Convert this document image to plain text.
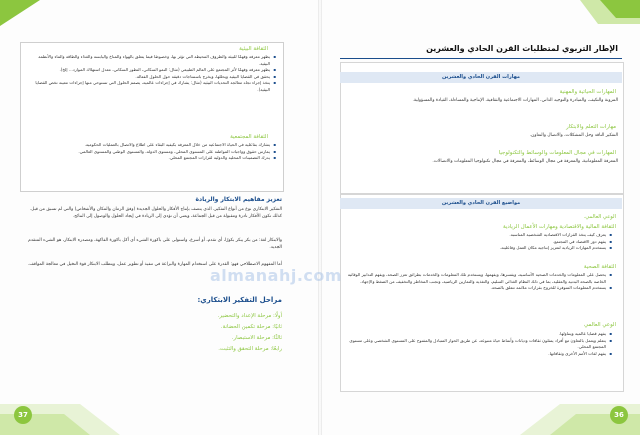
الإطار التربوي لمتطلبات القرن الحادي والعشرين
مهارات القرن الحادي والعشرين
المهارات الحياتية والمهنية
المرونة والتكيف، والمبادرة والتوجيه الذاتي، المهارات الاجتماعية والثقافية، الإنتاجية والمساءلة، القيادة والمسؤولية.
مهارات التعلم والابتكار
التفكير الناقد وحل المشكلات، والاتصال والتعاون.
المهارات في مجال المعلومات والوسائط والتكنولوجيا
المعرفة المعلوماتية، والمعرفة في مجال الوسائط، والمعرفة في مجال تكنولوجيا المعلومات والاتصالات.
مواضيع القرن الحادي والعشرين
الوعي العالمي.
الثقافة المالية والاقتصادية ومهارات الأعمال الريادية
▪ يعرف كيف يتخذ القرارات الاقتصادية الشخصية المناسبة.
▪ يفهم دور الاقتصاد في المجتمع.
▪ يستخدم المهارات الريادية لتعزيز إنتاجية مكان العمل وفاعليته.
الثقافة الصحية
▪ يحصل على المعلومات والخدمات الصحية الأساسية، ويفسرها، ويفهمها، ويستخدم تلك المعلومات والخدمات بطرائق تعزز الصحة، ويفهم التدابير الوقائية الخاصة بالصحة البدنية والعقلية، بما في ذلك النظام الغذائي السليم، والتغذية والتمارين الرياضية، وتجنب المخاطر والتخفيف من الضغط والإجهاد.
▪ يستخدم المعلومات المتوفرة للخروج بقرارات ملائمة تتعلق بالصحة.
الوعي العالمي
▪ يفهم قضايا عالمية ويتناولها.
▪ يتعلم ويعمل بالتعاون مع أفراد يمثلون ثقافات وديانات وأنماط حياة متنوعة، عن طريق الحوار المتبادل والمفتوح على المستوى الشخصي وعلى مستوى المجتمع المحلي.
▪ يفهم لغات الأمم الأخرى وثقافاتها.
36
الثقافة البيئية
▪ يظهر معرفة وفهمًا للبيئة والظروف المحيطة التي تؤثر بها، وخصوصًا فيما يتعلق بالهواء والمناخ واليابسة والغذاء والطاقة والماء والأنظمة البيئية.
▪ يظهر معرفة وفهمًا لأثر المجتمع على العالم الطبيعي (مثال: النمو السكاني، التطور السكاني، معدل استهلاك الموارد... إلخ).
▪ يحقق في القضايا البيئية ويحللها، ويخرج باستنتاجات دقيقة حول الحلول الفعالة.
▪ يتخذ إجراء تجاه معالجة التحديات البيئية (مثال: يشارك في إجراءات عالمية، يصمم الحلول التي تستوحي منها إجراءات معينة تخص القضايا البيئية).
الثقافة المجتمعية
▪ يشارك بفاعلية في الحياة الاجتماعية من خلال المعرفة بكيفية البقاء على اطلاع والاتصال بالعمليات الحكومية.
▪ يمارس حقوق وواجبات المواطنة على المستوى المحلي، ومستوى الدولة، والمستوى الوطني والمستوى العالمي.
▪ يدرك التضمينات المحلية والدولية لقرارات المجتمع المحلي.
تعزيز مفاهيم الابتكار والريادة
التفكير الابتكاري نوع من أنواع التفكير، الذي يتصف بإنتاج الأفكار والحلول الجديدة (وفق الزمان والمكان والأشخاص) والتي لم تسبق من قبل. كذلك تكون الأفكار نادرة ومقبولة من قبل الجماعة، ويعني أن تؤدي إلى الريادة في إيجاد الحلول والوصول إلى النتائج.
والابتكار لغة: من بكر يبكر بكورًا، أي تقدم، أو أسرع، واستولى على باكورة الشيء أي أكل باكورة الفاكهة، ومصدره الابتكار، هو الشيء المتقدم الجديد.
أما المفهوم الاصطلاحي فهو: القدرة على استخدام المهارة والبراعة في تنفيذ أو تطوير عمل، ويتطلب الابتكار قوة التخيل في معالجة المواقف.
مراحل التفكير الابتكاري:
أولًا: مرحلة الإعداد والتحضير.
ثانيًا: مرحلة تكمين الحضانة.
ثالثًا: مرحلة الاستبصار.
رابعًا: مرحلة التحقق والتثبت.
37
almanahj.com
